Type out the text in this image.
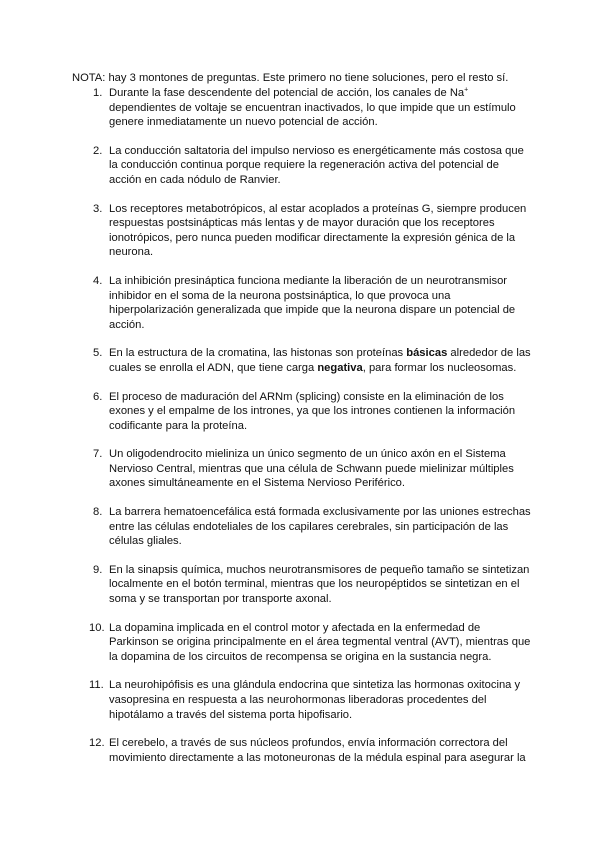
NOTA: hay 3 montones de preguntas. Este primero no tiene soluciones, pero el resto sí.
1. Durante la fase descendente del potencial de acción, los canales de Na+ dependientes de voltaje se encuentran inactivados, lo que impide que un estímulo genere inmediatamente un nuevo potencial de acción.
2. La conducción saltatoria del impulso nervioso es energéticamente más costosa que la conducción continua porque requiere la regeneración activa del potencial de acción en cada nódulo de Ranvier.
3. Los receptores metabotrópicos, al estar acoplados a proteínas G, siempre producen respuestas postsinápticas más lentas y de mayor duración que los receptores ionotrópicos, pero nunca pueden modificar directamente la expresión génica de la neurona.
4. La inhibición presináptica funciona mediante la liberación de un neurotransmisor inhibidor en el soma de la neurona postsináptica, lo que provoca una hiperpolarización generalizada que impide que la neurona dispare un potencial de acción.
5. En la estructura de la cromatina, las histonas son proteínas básicas alrededor de las cuales se enrolla el ADN, que tiene carga negativa, para formar los nucleosomas.
6. El proceso de maduración del ARNm (splicing) consiste en la eliminación de los exones y el empalme de los intrones, ya que los intrones contienen la información codificante para la proteína.
7. Un oligodendrocito mieliniza un único segmento de un único axón en el Sistema Nervioso Central, mientras que una célula de Schwann puede mielinizar múltiples axones simultáneamente en el Sistema Nervioso Periférico.
8. La barrera hematoencefálica está formada exclusivamente por las uniones estrechas entre las células endoteliales de los capilares cerebrales, sin participación de las células gliales.
9. En la sinapsis química, muchos neurotransmisores de pequeño tamaño se sintetizan localmente en el botón terminal, mientras que los neuropéptidos se sintetizan en el soma y se transportan por transporte axonal.
10. La dopamina implicada en el control motor y afectada en la enfermedad de Parkinson se origina principalmente en el área tegmental ventral (AVT), mientras que la dopamina de los circuitos de recompensa se origina en la sustancia negra.
11. La neurohipófisis es una glándula endocrina que sintetiza las hormonas oxitocina y vasopresina en respuesta a las neurohormonas liberadoras procedentes del hipotálamo a través del sistema porta hipofisario.
12. El cerebelo, a través de sus núcleos profundos, envía información correctora del movimiento directamente a las motoneuronas de la médula espinal para asegurar la
